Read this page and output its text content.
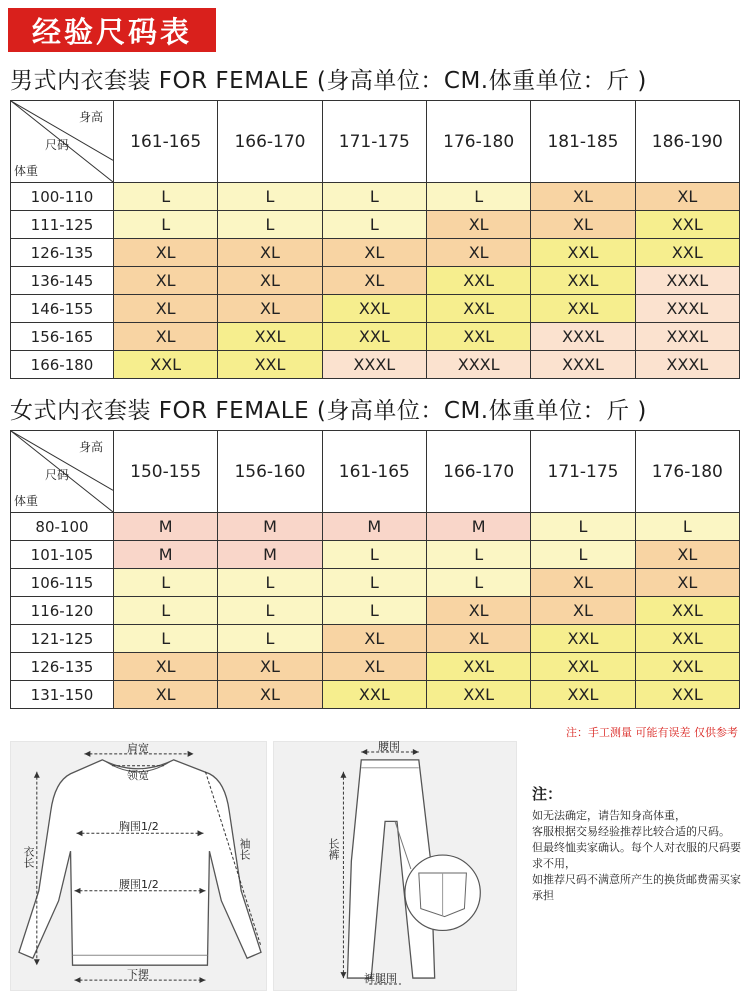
经验尺码表
男式内衣套装 FOR FEMALE (身高单位：CM.体重单位：斤 )
身高
尺码
体重	161-165	166-170	171-175	176-180	181-185	186-190
100-110	L	L	L	L	XL	XL
111-125	L	L	L	XL	XL	XXL
126-135	XL	XL	XL	XL	XXL	XXL
136-145	XL	XL	XL	XXL	XXL	XXXL
146-155	XL	XL	XXL	XXL	XXL	XXXL
156-165	XL	XXL	XXL	XXL	XXXL	XXXL
166-180	XXL	XXL	XXXL	XXXL	XXXL	XXXL
女式内衣套装 FOR FEMALE (身高单位：CM.体重单位：斤 )
身高
尺码
体重	150-155	156-160	161-165	166-170	171-175	176-180
80-100	M	M	M	M	L	L
101-105	M	M	L	L	L	XL
106-115	L	L	L	L	XL	XL
116-120	L	L	L	XL	XL	XXL
121-125	L	L	XL	XL	XXL	XXL
126-135	XL	XL	XL	XXL	XXL	XXL
131-150	XL	XL	XXL	XXL	XXL	XXL
注：手工测量 可能有误差 仅供参考
肩宽
领宽
胸围1/2
腰围1/2
下摆
衣长	袖长
腰围
长裤
裤腿围
注：
如无法确定，请告知身高体重，
客服根据交易经验推荐比较合适的尺码。
但最终恤卖家确认。每个人对衣服的尺码要求不用，
如推荐尺码不满意所产生的换货邮费需买家承担
